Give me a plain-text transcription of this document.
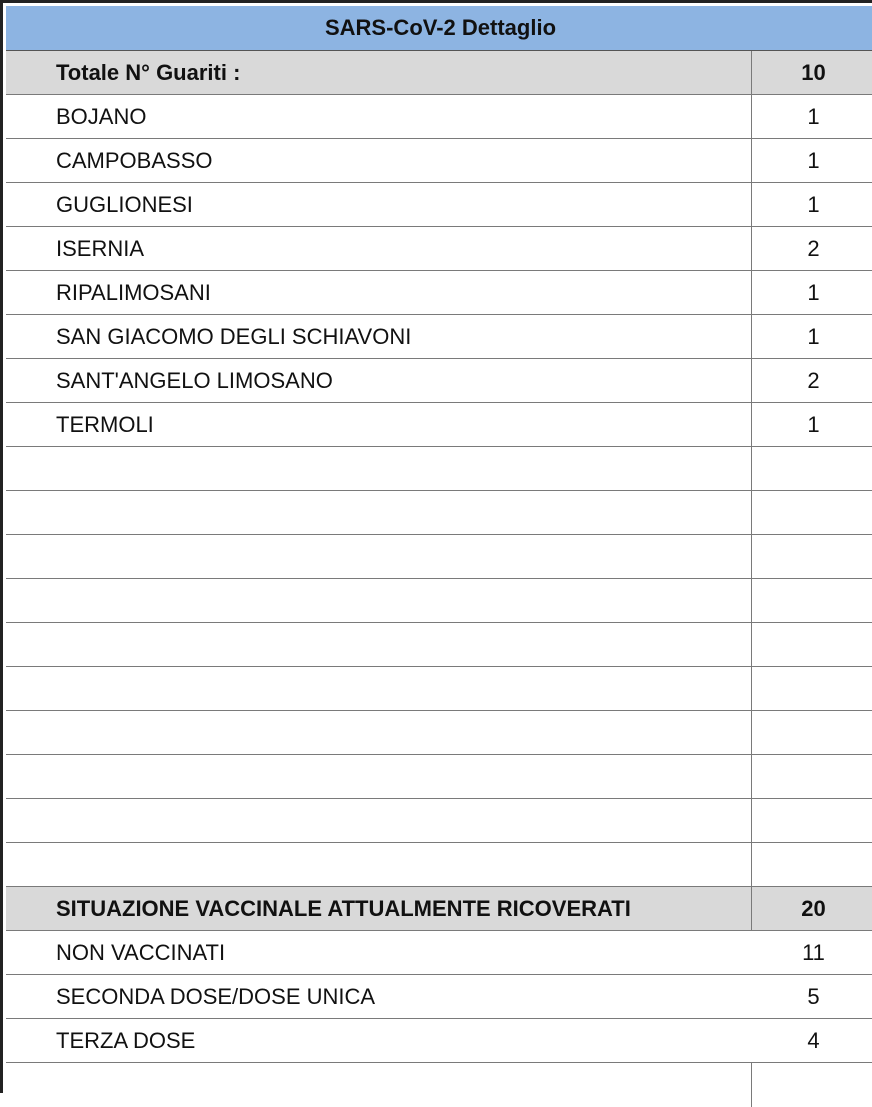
SARS-CoV-2 Dettaglio
Totale N° Guariti :	10
BOJANO	1
CAMPOBASSO	1
GUGLIONESI	1
ISERNIA	2
RIPALIMOSANI	1
SAN GIACOMO DEGLI SCHIAVONI	1
SANT'ANGELO LIMOSANO	2
TERMOLI	1
SITUAZIONE VACCINALE ATTUALMENTE RICOVERATI	20
NON VACCINATI	11
SECONDA DOSE/DOSE UNICA	5
TERZA DOSE	4
